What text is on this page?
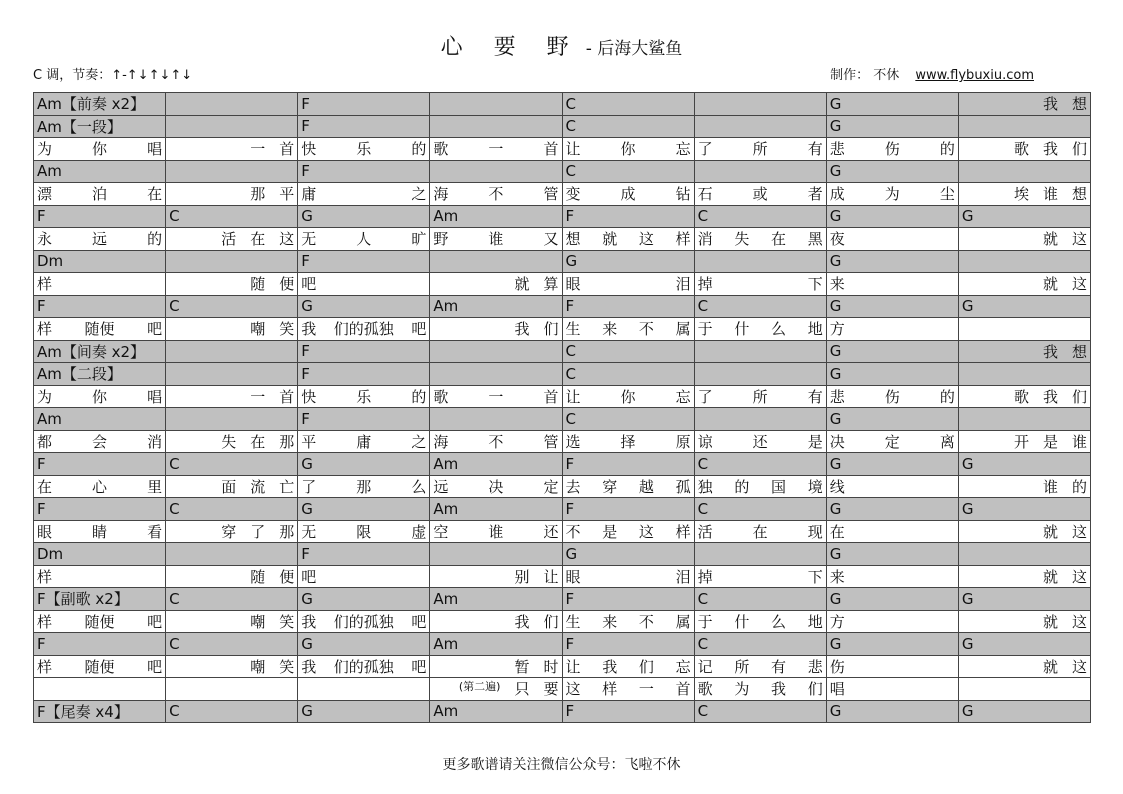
心 要 野 - 后海大鲨鱼
C 调，节奏：↑-↑↓↑↓↑↓	制作： 不休 www.flybuxiu.com
Am【前奏 x2】		F		C		G	我 想

Am【一段】		F		C		G	

为 你 唱	一 首	快 乐 的	歌 一 首	让 你 忘	了 所 有	悲 伤 的	歌 我 们

Am		F		C		G	

漂 泊 在	那 平	庸 之	海 不 管	变 成 钻	石 或 者	成 为 尘	埃 谁 想

F	C	G	Am	F	C	G	G

永 远 的	活 在 这	无 人 旷	野 谁 又	想 就 这 样	消 失 在 黑	夜	就 这

Dm		F		G		G	

样	随 便	吧	就 算	眼 泪	掉 下	来	就 这

F	C	G	Am	F	C	G	G

样 随便 吧	嘲 笑	我 们的孤独 吧	我 们	生 来 不 属	于 什 么 地	方	

Am【间奏 x2】		F		C		G	我 想

Am【二段】		F		C		G	

为 你 唱	一 首	快 乐 的	歌 一 首	让 你 忘	了 所 有	悲 伤 的	歌 我 们

Am		F		C		G	

都 会 消	失 在 那	平 庸 之	海 不 管	选 择 原	谅 还 是	决 定 离	开 是 谁

F	C	G	Am	F	C	G	G

在 心 里	面 流 亡	了 那 么	远 决 定	去 穿 越 孤	独 的 国 境	线	谁 的

F	C	G	Am	F	C	G	G

眼 睛 看	穿 了 那	无 限 虚	空 谁 还	不 是 这 样	活 在 现	在	就 这

Dm		F		G		G	

样	随 便	吧	别 让	眼 泪	掉 下	来	就 这

F【副歌 x2】	C	G	Am	F	C	G	G

样 随便 吧	嘲 笑	我 们的孤独 吧	我 们	生 来 不 属	于 什 么 地	方	就 这

F	C	G	Am	F	C	G	G

样 随便 吧	嘲 笑	我 们的孤独 吧	暂 时	让 我 们 忘	记 所 有 悲	伤	就 这

			(第二遍) 只 要	这 样 一 首	歌 为 我 们	唱	

F【尾奏 x4】	C	G	Am	F	C	G	G
更多歌谱请关注微信公众号：飞啦不休
